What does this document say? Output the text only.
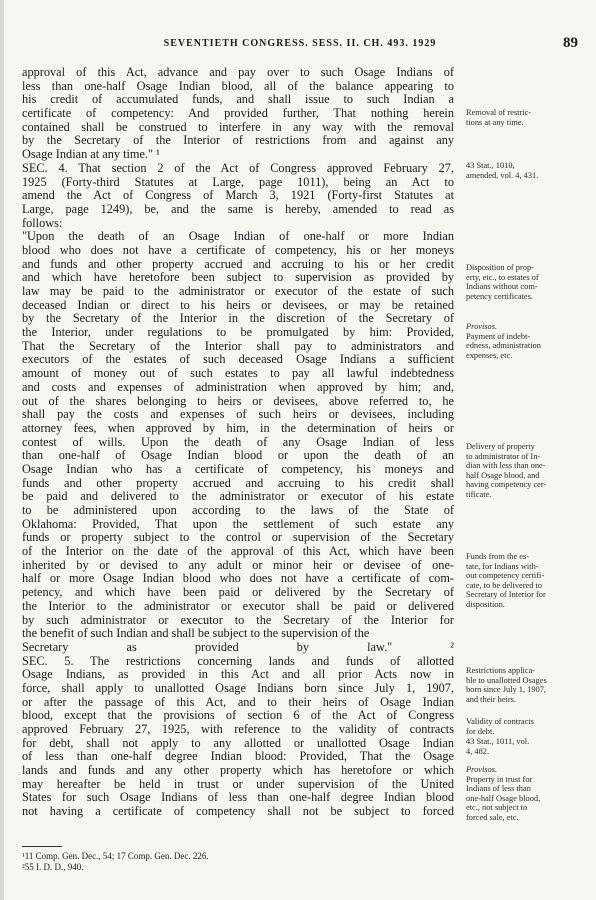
SEVENTIETH CONGRESS. SESS. II. CH. 493. 1929	89
approval of this Act, advance and pay over to such Osage Indians of
less than one-half Osage Indian blood, all of the balance appearing to
his credit of accumulated funds, and shall issue to such Indian a
certificate of competency: And provided further, That nothing herein
contained shall be construed to interfere in any way with the removal
by the Secretary of the Interior of restrictions from and against any
Osage Indian at any time." ¹
SEC. 4. That section 2 of the Act of Congress approved February 27,
1925 (Forty-third Statutes at Large, page 1011), being an Act to
amend the Act of Congress of March 3, 1921 (Forty-first Statutes at
Large, page 1249), be, and the same is hereby, amended to read as
follows:
"Upon the death of an Osage Indian of one-half or more Indian
blood who does not have a certificate of competency, his or her moneys
and funds and other property accrued and accruing to his or her credit
and which have heretofore been subject to supervision as provided by
law may be paid to the administrator or executor of the estate of such
deceased Indian or direct to his heirs or devisees, or may be retained
by the Secretary of the Interior in the discretion of the Secretary of
the Interior, under regulations to be promulgated by him: Provided,
That the Secretary of the Interior shall pay to administrators and
executors of the estates of such deceased Osage Indians a sufficient
amount of money out of such estates to pay all lawful indebtedness
and costs and expenses of administration when approved by him; and,
out of the shares belonging to heirs or devisees, above referred to, he
shall pay the costs and expenses of such heirs or devisees, including
attorney fees, when approved by him, in the determination of heirs or
contest of wills. Upon the death of any Osage Indian of less
than one-half of Osage Indian blood or upon the death of an
Osage Indian who has a certificate of competency, his moneys and
funds and other property accrued and accruing to his credit shall
be paid and delivered to the administrator or executor of his estate
to be administered upon according to the laws of the State of
Oklahoma: Provided, That upon the settlement of such estate any
funds or property subject to the control or supervision of the Secretary
of the Interior on the date of the approval of this Act, which have been
inherited by or devised to any adult or minor heir or devisee of one-
half or more Osage Indian blood who does not have a certificate of com-
petency, and which have been paid or delivered by the Secretary of
the Interior to the administrator or executor shall be paid or delivered
by such administrator or executor to the Secretary of the Interior for
the benefit of such Indian and shall be subject to the supervision of the
Secretary as provided by law." ²
SEC. 5. The restrictions concerning lands and funds of allotted
Osage Indians, as provided in this Act and all prior Acts now in
force, shall apply to unallotted Osage Indians born since July 1, 1907,
or after the passage of this Act, and to their heirs of Osage Indian
blood, except that the provisions of section 6 of the Act of Congress
approved February 27, 1925, with reference to the validity of contracts
for debt, shall not apply to any allotted or unallotted Osage Indian
of less than one-half degree Indian blood: Provided, That the Osage
lands and funds and any other property which has heretofore or which
may hereafter be held in trust or under supervision of the United
States for such Osage Indians of less than one-half degree Indian blood
not having a certificate of competency shall not be subject to forced
Removal of restric-
tions at any time.
43 Stat., 1010,
amended, vol. 4, 431.
Disposition of prop-
erty, etc., to estates of
Indians without com-
petency certificates.
Provisos.
Payment of indebt-
edness, administration
expenses, etc.
Delivery of property
to administrator of In-
dian with less than one-
half Osage blood, and
having competency cer-
tificate.
Funds from the es-
tate, for Indians with-
out competency certifi-
cate, to be delivered to
Secretary of Interior for
disposition.
Restrictions applica-
ble to unallotted Osages
born since July 1, 1907,
and their heirs.
Validity of contracts
for debt.
43 Stat., 1011, vol.
4, 482.
Provisos.
Property in trust for
Indians of less than
one-half Osage blood,
etc., not subject to
forced sale, etc.
¹11 Comp. Gen. Dec., 54; 17 Comp. Gen. Dec. 226.
²55 I. D. D., 940.
